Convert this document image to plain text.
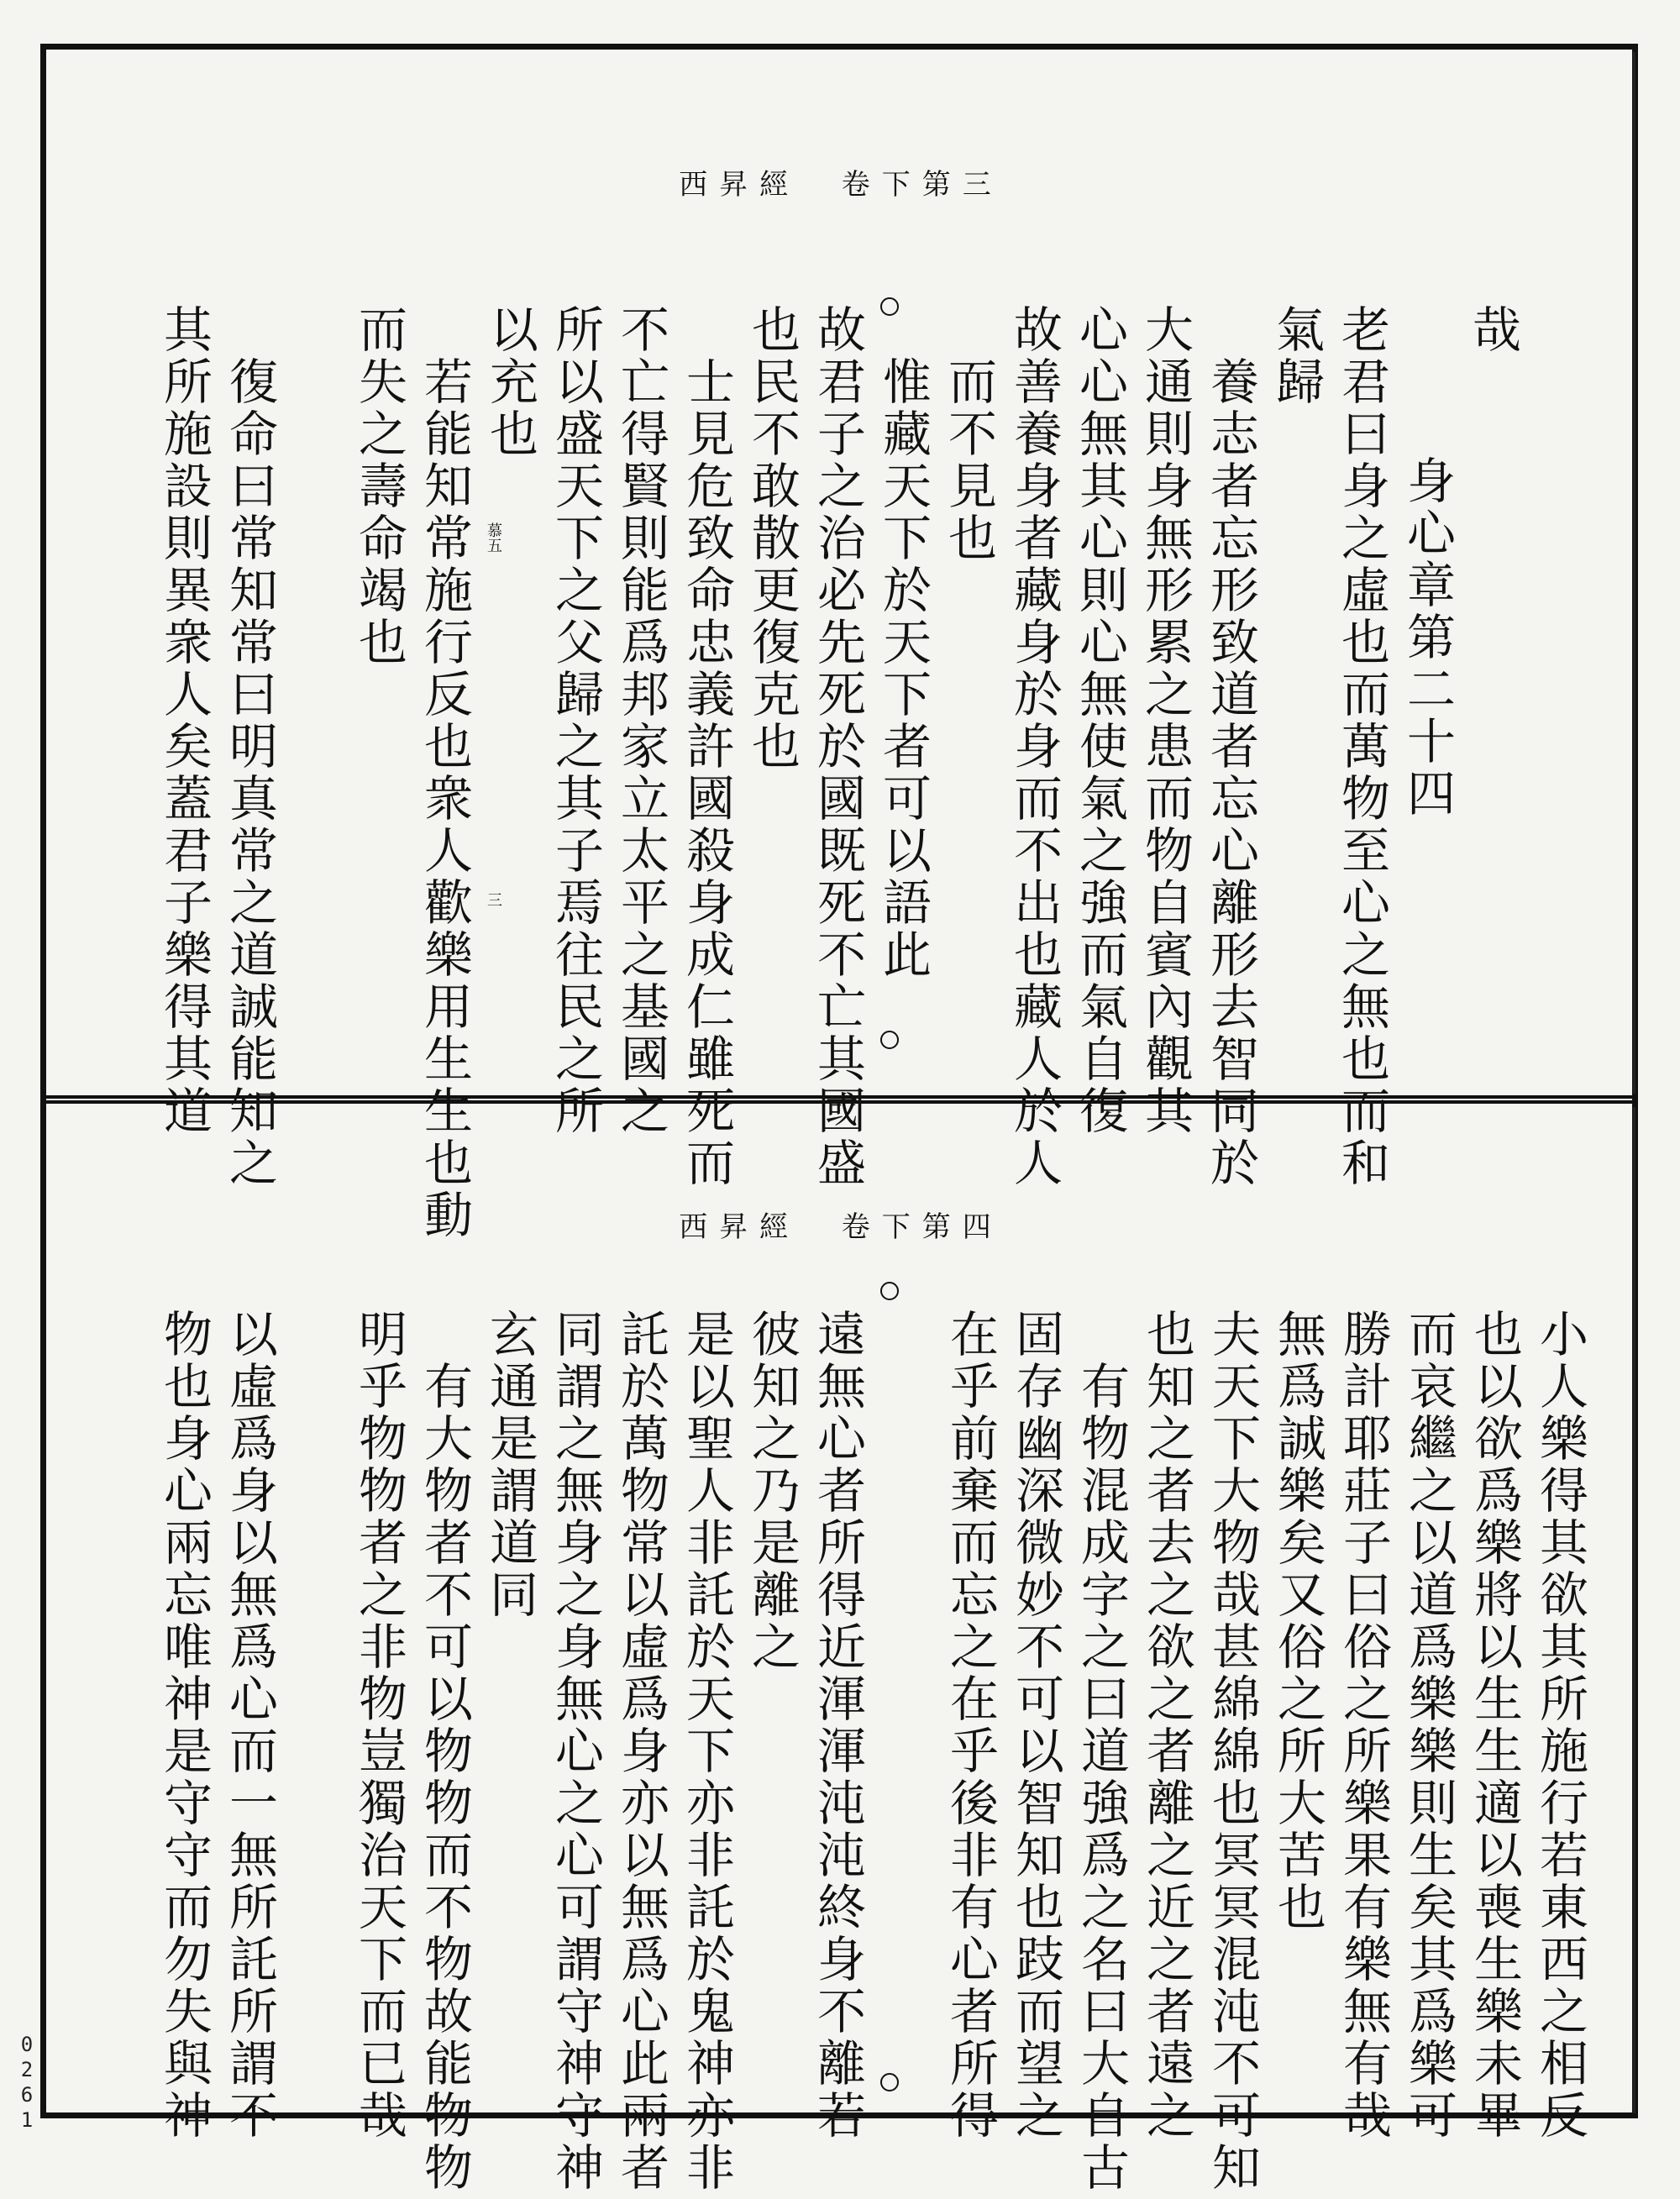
西昇經  卷下第三
哉
　身心章第二十四
老君曰身之虛也而萬物至心之無也而和
氣歸
　養志者忘形致道者忘心離形去智同於
大通則身無形累之患而物自賓內觀其
心心無其心則心無使氣之強而氣自復
故善養身者藏身於身而不出也藏人於人
　而不見也
　惟藏天下於天下者可以語此
故君子之治必先死於國既死不亡其國盛
也民不敢散更復克也
　士見危致命忠義許國殺身成仁雖死而
不亡得賢則能爲邦家立太平之基國之
所以盛天下之父歸之其子焉往民之所
以充也
　若能知常施行反也衆人歡樂用生生也動
而失之壽命竭也
　復命曰常知常曰明真常之道誠能知之
其所施設則異衆人矣蓋君子樂得其道	慕五
三
西昇經  卷下第四
小人樂得其欲其所施行若東西之相反
也以欲爲樂將以生生適以喪生樂未畢
而哀繼之以道爲樂樂則生矣其爲樂可
勝計耶莊子曰俗之所樂果有樂無有哉
無爲誠樂矣又俗之所大苦也
夫天下大物哉甚綿綿也冥冥混沌不可知
也知之者去之欲之者離之近之者遠之
　有物混成字之曰道強爲之名曰大自古
固存幽深微妙不可以智知也跂而望之
在乎前棄而忘之在乎後非有心者所得
遠無心者所得近渾渾沌沌終身不離若
彼知之乃是離之
是以聖人非託於天下亦非託於鬼神亦非
託於萬物常以虛爲身亦以無爲心此兩者
同謂之無身之身無心之心可謂守神守神
玄通是謂道同
　有大物者不可以物物而不物故能物物
明乎物物者之非物豈獨治天下而已哉
以虛爲身以無爲心而一無所託所謂不
物也身心兩忘唯神是守守而勿失與神
0261
